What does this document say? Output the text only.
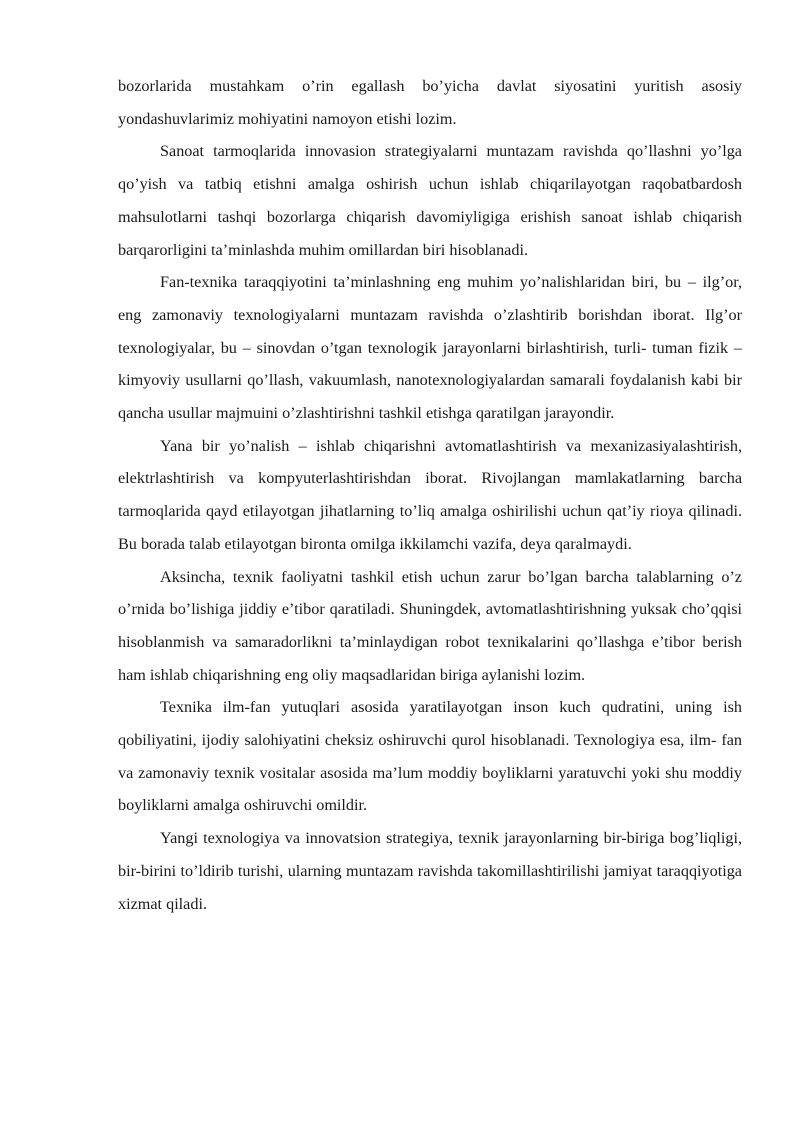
bozorlarida mustahkam o’rin egallash bo’yicha davlat siyosatini yuritish asosiy yondashuvlarimiz mohiyatini namoyon etishi lozim.

Sanoat tarmoqlarida innovasion strategiyalarni muntazam ravishda qo’llashni yo’lga qo’yish va tatbiq etishni amalga oshirish uchun ishlab chiqarilayotgan raqobatbardosh mahsulotlarni tashqi bozorlarga chiqarish davomiyligiga erishish sanoat ishlab chiqarish barqarorligini ta’minlashda muhim omillardan biri hisoblanadi.

Fan-texnika taraqqiyotini ta’minlashning eng muhim yo’nalishlaridan biri, bu – ilg’or, eng zamonaviy texnologiyalarni muntazam ravishda o’zlashtirib borishdan iborat. Ilg’or texnologiyalar, bu – sinovdan o’tgan texnologik jarayonlarni birlashtirish, turli- tuman fizik – kimyoviy usullarni qo’llash, vakuumlash, nanotexnologiyalardan samarali foydalanish kabi bir qancha usullar majmuini o’zlashtirishni tashkil etishga qaratilgan jarayondir.

Yana bir yo’nalish – ishlab chiqarishni avtomatlashtirish va mexanizasiyalashtirish, elektrlashtirish va kompyuterlashtirishdan iborat. Rivojlangan mamlakatlarning barcha tarmoqlarida qayd etilayotgan jihatlarning to’liq amalga oshirilishi uchun qat’iy rioya qilinadi. Bu borada talab etilayotgan bironta omilga ikkilamchi vazifa, deya qaralmaydi.

Aksincha, texnik faoliyatni tashkil etish uchun zarur bo’lgan barcha talablarning o’z o’rnida bo’lishiga jiddiy e’tibor qaratiladi. Shuningdek, avtomatlashtirishning yuksak cho’qqisi hisoblanmish va samaradorlikni ta’minlaydigan robot texnikalarini qo’llashga e’tibor berish ham ishlab chiqarishning eng oliy maqsadlaridan biriga aylanishi lozim.

Texnika ilm-fan yutuqlari asosida yaratilayotgan inson kuch qudratini, uning ish qobiliyatini, ijodiy salohiyatini cheksiz oshiruvchi qurol hisoblanadi. Texnologiya esa, ilm- fan va zamonaviy texnik vositalar asosida ma’lum moddiy boyliklarni yaratuvchi yoki shu moddiy boyliklarni amalga oshiruvchi omildir.

Yangi texnologiya va innovatsion strategiya, texnik jarayonlarning bir-biriga bog’liqligi, bir-birini to’ldirib turishi, ularning muntazam ravishda takomillashtirilishi jamiyat taraqqiyotiga xizmat qiladi.
